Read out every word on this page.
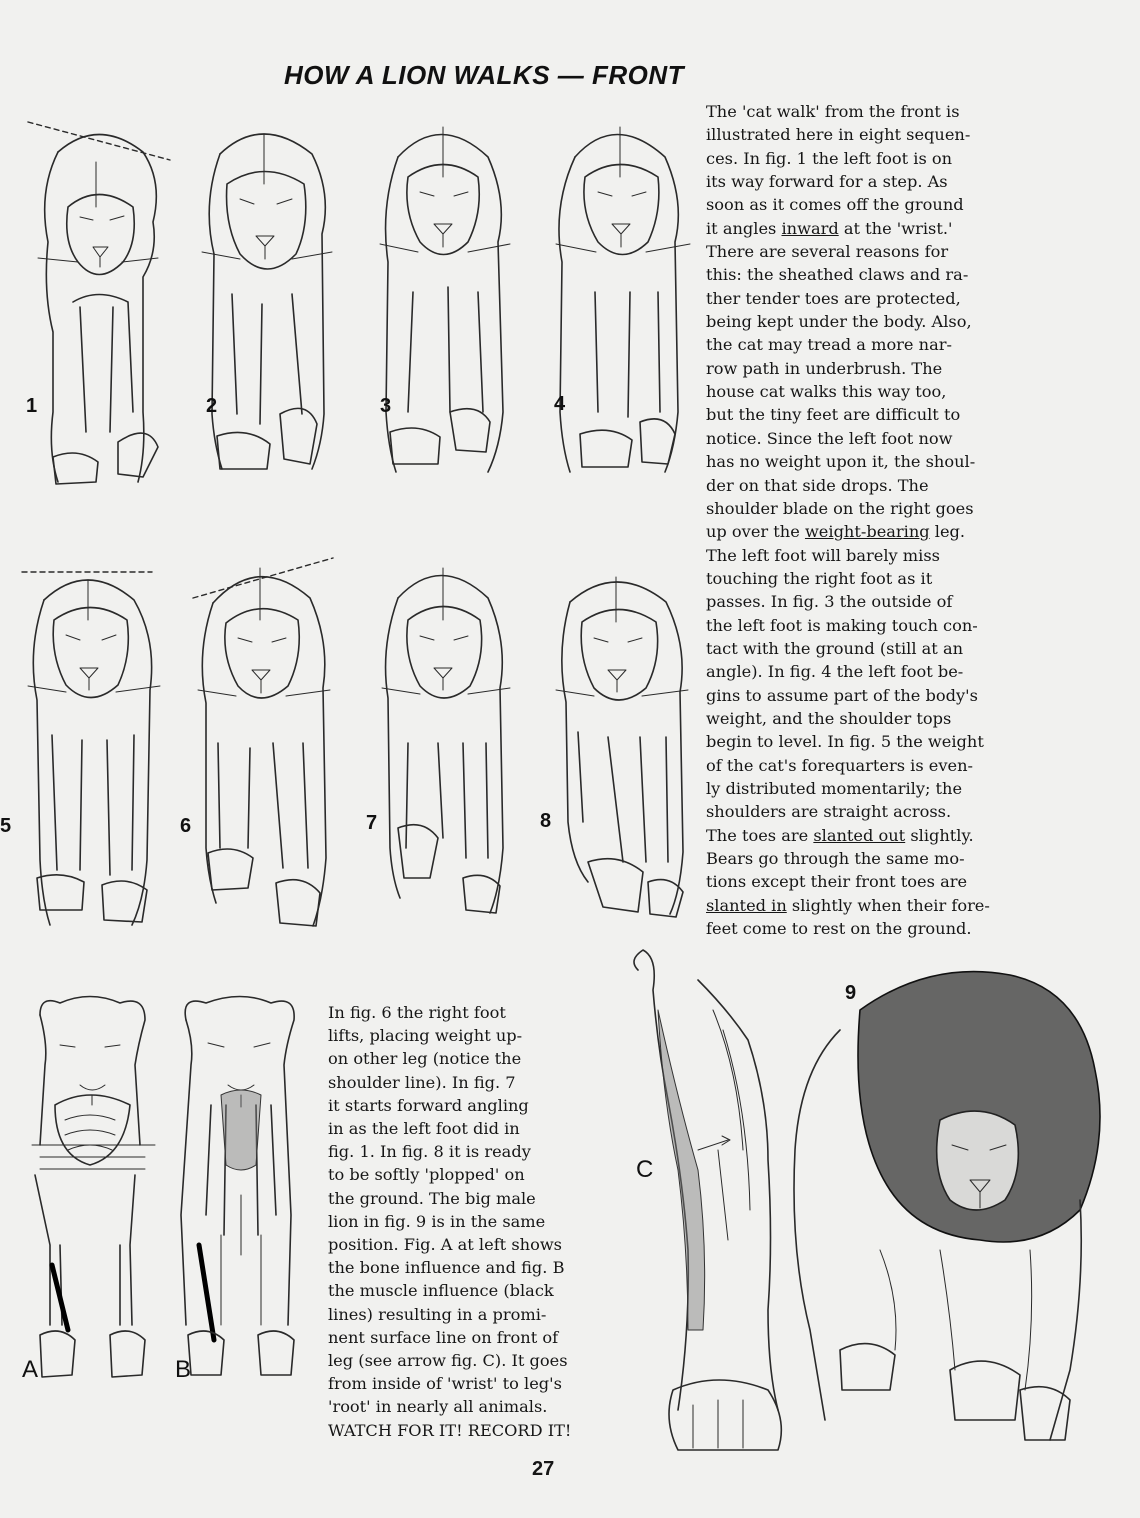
HOW A LION WALKS — FRONT
The 'cat walk' from the front is
illustrated here in eight sequen-
ces. In fig. 1 the left foot is on
its way forward for a step. As
soon as it comes off the ground
it angles inward at the 'wrist.'
There are several reasons for
this: the sheathed claws and ra-
ther tender toes are protected,
being kept under the body. Also,
the cat may tread a more nar-
row path in underbrush. The
house cat walks this way too,
but the tiny feet are difficult to
notice. Since the left foot now
has no weight upon it, the shoul-
der on that side drops. The
shoulder blade on the right goes
up over the weight-bearing leg.
The left foot will barely miss
touching the right foot as it
passes. In fig. 3 the outside of
the left foot is making touch con-
tact with the ground (still at an
angle). In fig. 4 the left foot be-
gins to assume part of the body's
weight, and the shoulder tops
begin to level. In fig. 5 the weight
of the cat's forequarters is even-
ly distributed momentarily; the
shoulders are straight across.
The toes are slanted out slightly.
Bears go through the same mo-
tions except their front toes are
slanted in slightly when their fore-
feet come to rest on the ground.
In fig. 6 the right foot
lifts, placing weight up-
on other leg (notice the
shoulder line). In fig. 7
it starts forward angling
in as the left foot did in
fig. 1. In fig. 8 it is ready
to be softly 'plopped' on
the ground. The big male
lion in fig. 9 is in the same
position. Fig. A at left shows
the bone influence and fig. B
the muscle influence (black
lines) resulting in a promi-
nent surface line on front of
leg (see arrow fig. C). It goes
from inside of 'wrist' to leg's
'root' in nearly all animals.
WATCH FOR IT! RECORD IT!
1	2	3	4
5	6	7	8
9
A	B
C
27
